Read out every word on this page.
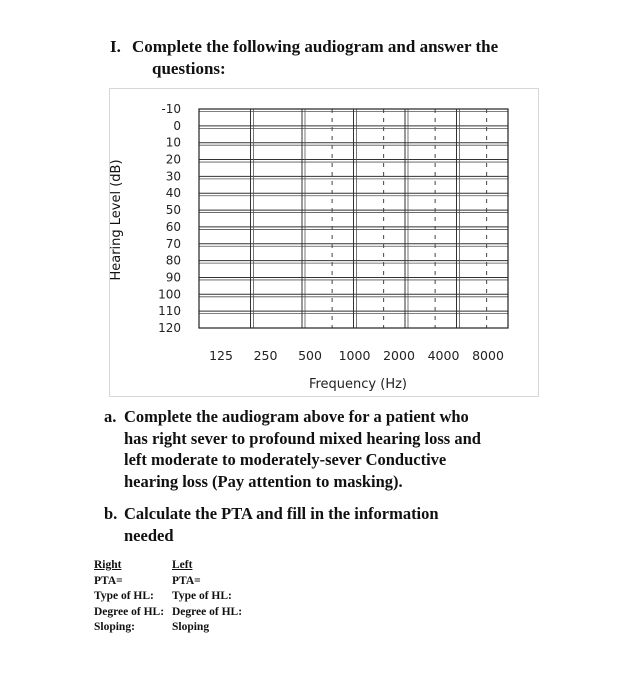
I. Complete the following audiogram and answer the
questions:
-10
0
10
20
30
40
50
60
70
80
90
100
110
120
125 250 500 1000 2000 4000 8000
Frequency (Hz)
Hearing Level (dB)
a. Complete the audiogram above for a patient who
has right sever to profound mixed hearing loss and
left moderate to moderately-sever Conductive
hearing loss (Pay attention to masking).
b. Calculate the PTA and fill in the information
needed
Right	Left
PTA=	PTA=
Type of HL:	Type of HL:
Degree of HL: Degree of HL:
Sloping:	Sloping
